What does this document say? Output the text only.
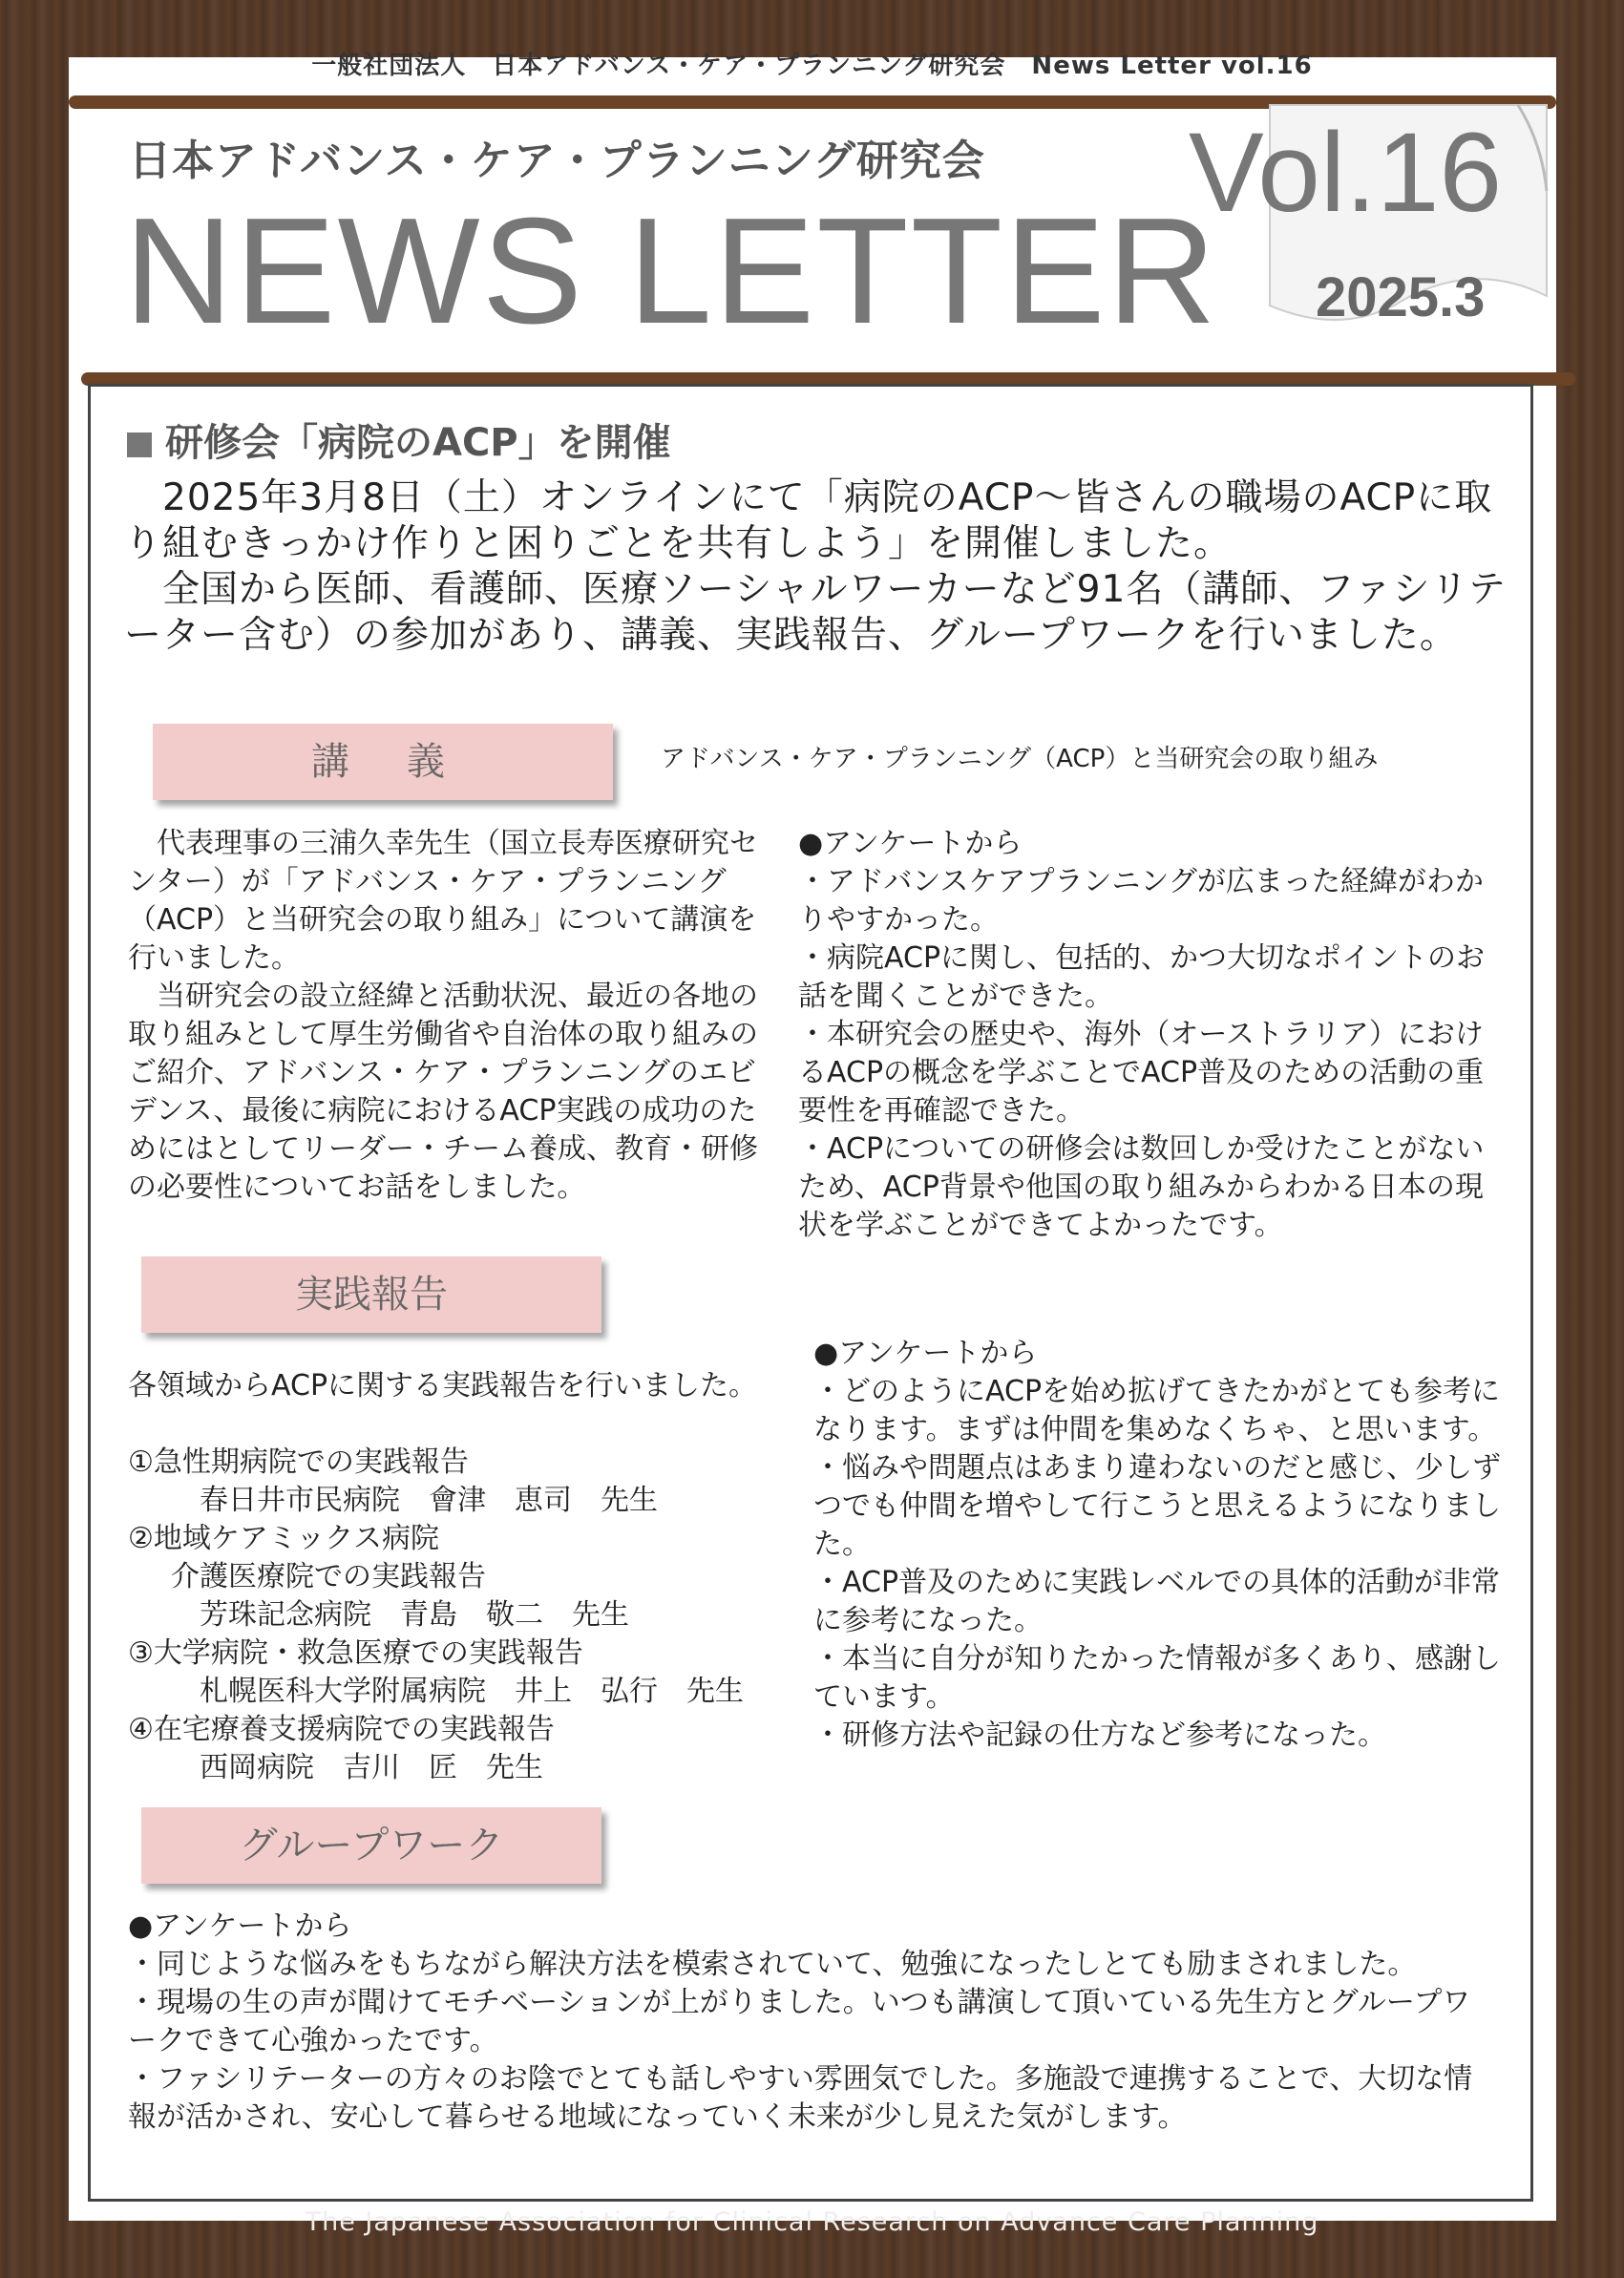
一般社団法人　日本アドバンス・ケア・プランニング研究会　News Letter vol.16
日本アドバンス・ケア・プランニング研究会
NEWS LETTER
Vol.16
2025.3
研修会「病院のACP」を開催

　2025年3月8日（土）オンラインにて「病院のACP～皆さんの職場のACPに取り組むきっかけ作りと困りごとを共有しよう」を開催しました。

　全国から医師、看護師、医療ソーシャルワーカーなど91名（講師、ファシリテーター含む）の参加があり、講義、実践報告、グループワークを行いました。

講　義	アドバンス・ケア・プランニング（ACP）と当研究会の取り組み

　代表理事の三浦久幸先生（国立長寿医療研究センター）が「アドバンス・ケア・プランニング（ACP）と当研究会の取り組み」について講演を行いました。

　当研究会の設立経緯と活動状況、最近の各地の取り組みとして厚生労働省や自治体の取り組みのご紹介、アドバンス・ケア・プランニングのエビデンス、最後に病院におけるACP実践の成功のためにはとしてリーダー・チーム養成、教育・研修の必要性についてお話をしました。

●アンケートから

・アドバンスケアプランニングが広まった経緯がわかりやすかった。

・病院ACPに関し、包括的、かつ大切なポイントのお話を聞くことができた。

・本研究会の歴史や、海外（オーストラリア）におけるACPの概念を学ぶことでACP普及のための活動の重要性を再確認できた。

・ACPについての研修会は数回しか受けたことがないため、ACP背景や他国の取り組みからわかる日本の現状を学ぶことができてよかったです。

実践報告

各領域からACPに関する実践報告を行いました。

①急性期病院での実践報告

春日井市民病院　會津　恵司　先生

②地域ケアミックス病院

介護医療院での実践報告

芳珠記念病院　青島　敬二　先生

③大学病院・救急医療での実践報告

札幌医科大学附属病院　井上　弘行　先生

④在宅療養支援病院での実践報告

西岡病院　吉川　匠　先生

●アンケートから

・どのようにACPを始め拡げてきたかがとても参考になります。まずは仲間を集めなくちゃ、と思います。

・悩みや問題点はあまり違わないのだと感じ、少しずつでも仲間を増やして行こうと思えるようになりました。

・ACP普及のために実践レベルでの具体的活動が非常に参考になった。

・本当に自分が知りたかった情報が多くあり、感謝しています。

・研修方法や記録の仕方など参考になった。

グループワーク

●アンケートから

・同じような悩みをもちながら解決方法を模索されていて、勉強になったしとても励まされました。

・現場の生の声が聞けてモチベーションが上がりました。いつも講演して頂いている先生方とグループワークできて心強かったです。

・ファシリテーターの方々のお陰でとても話しやすい雰囲気でした。多施設で連携することで、大切な情報が活かされ、安心して暮らせる地域になっていく未来が少し見えた気がします。

The Japanese Association for Clinical Research on Advance Care Planning
